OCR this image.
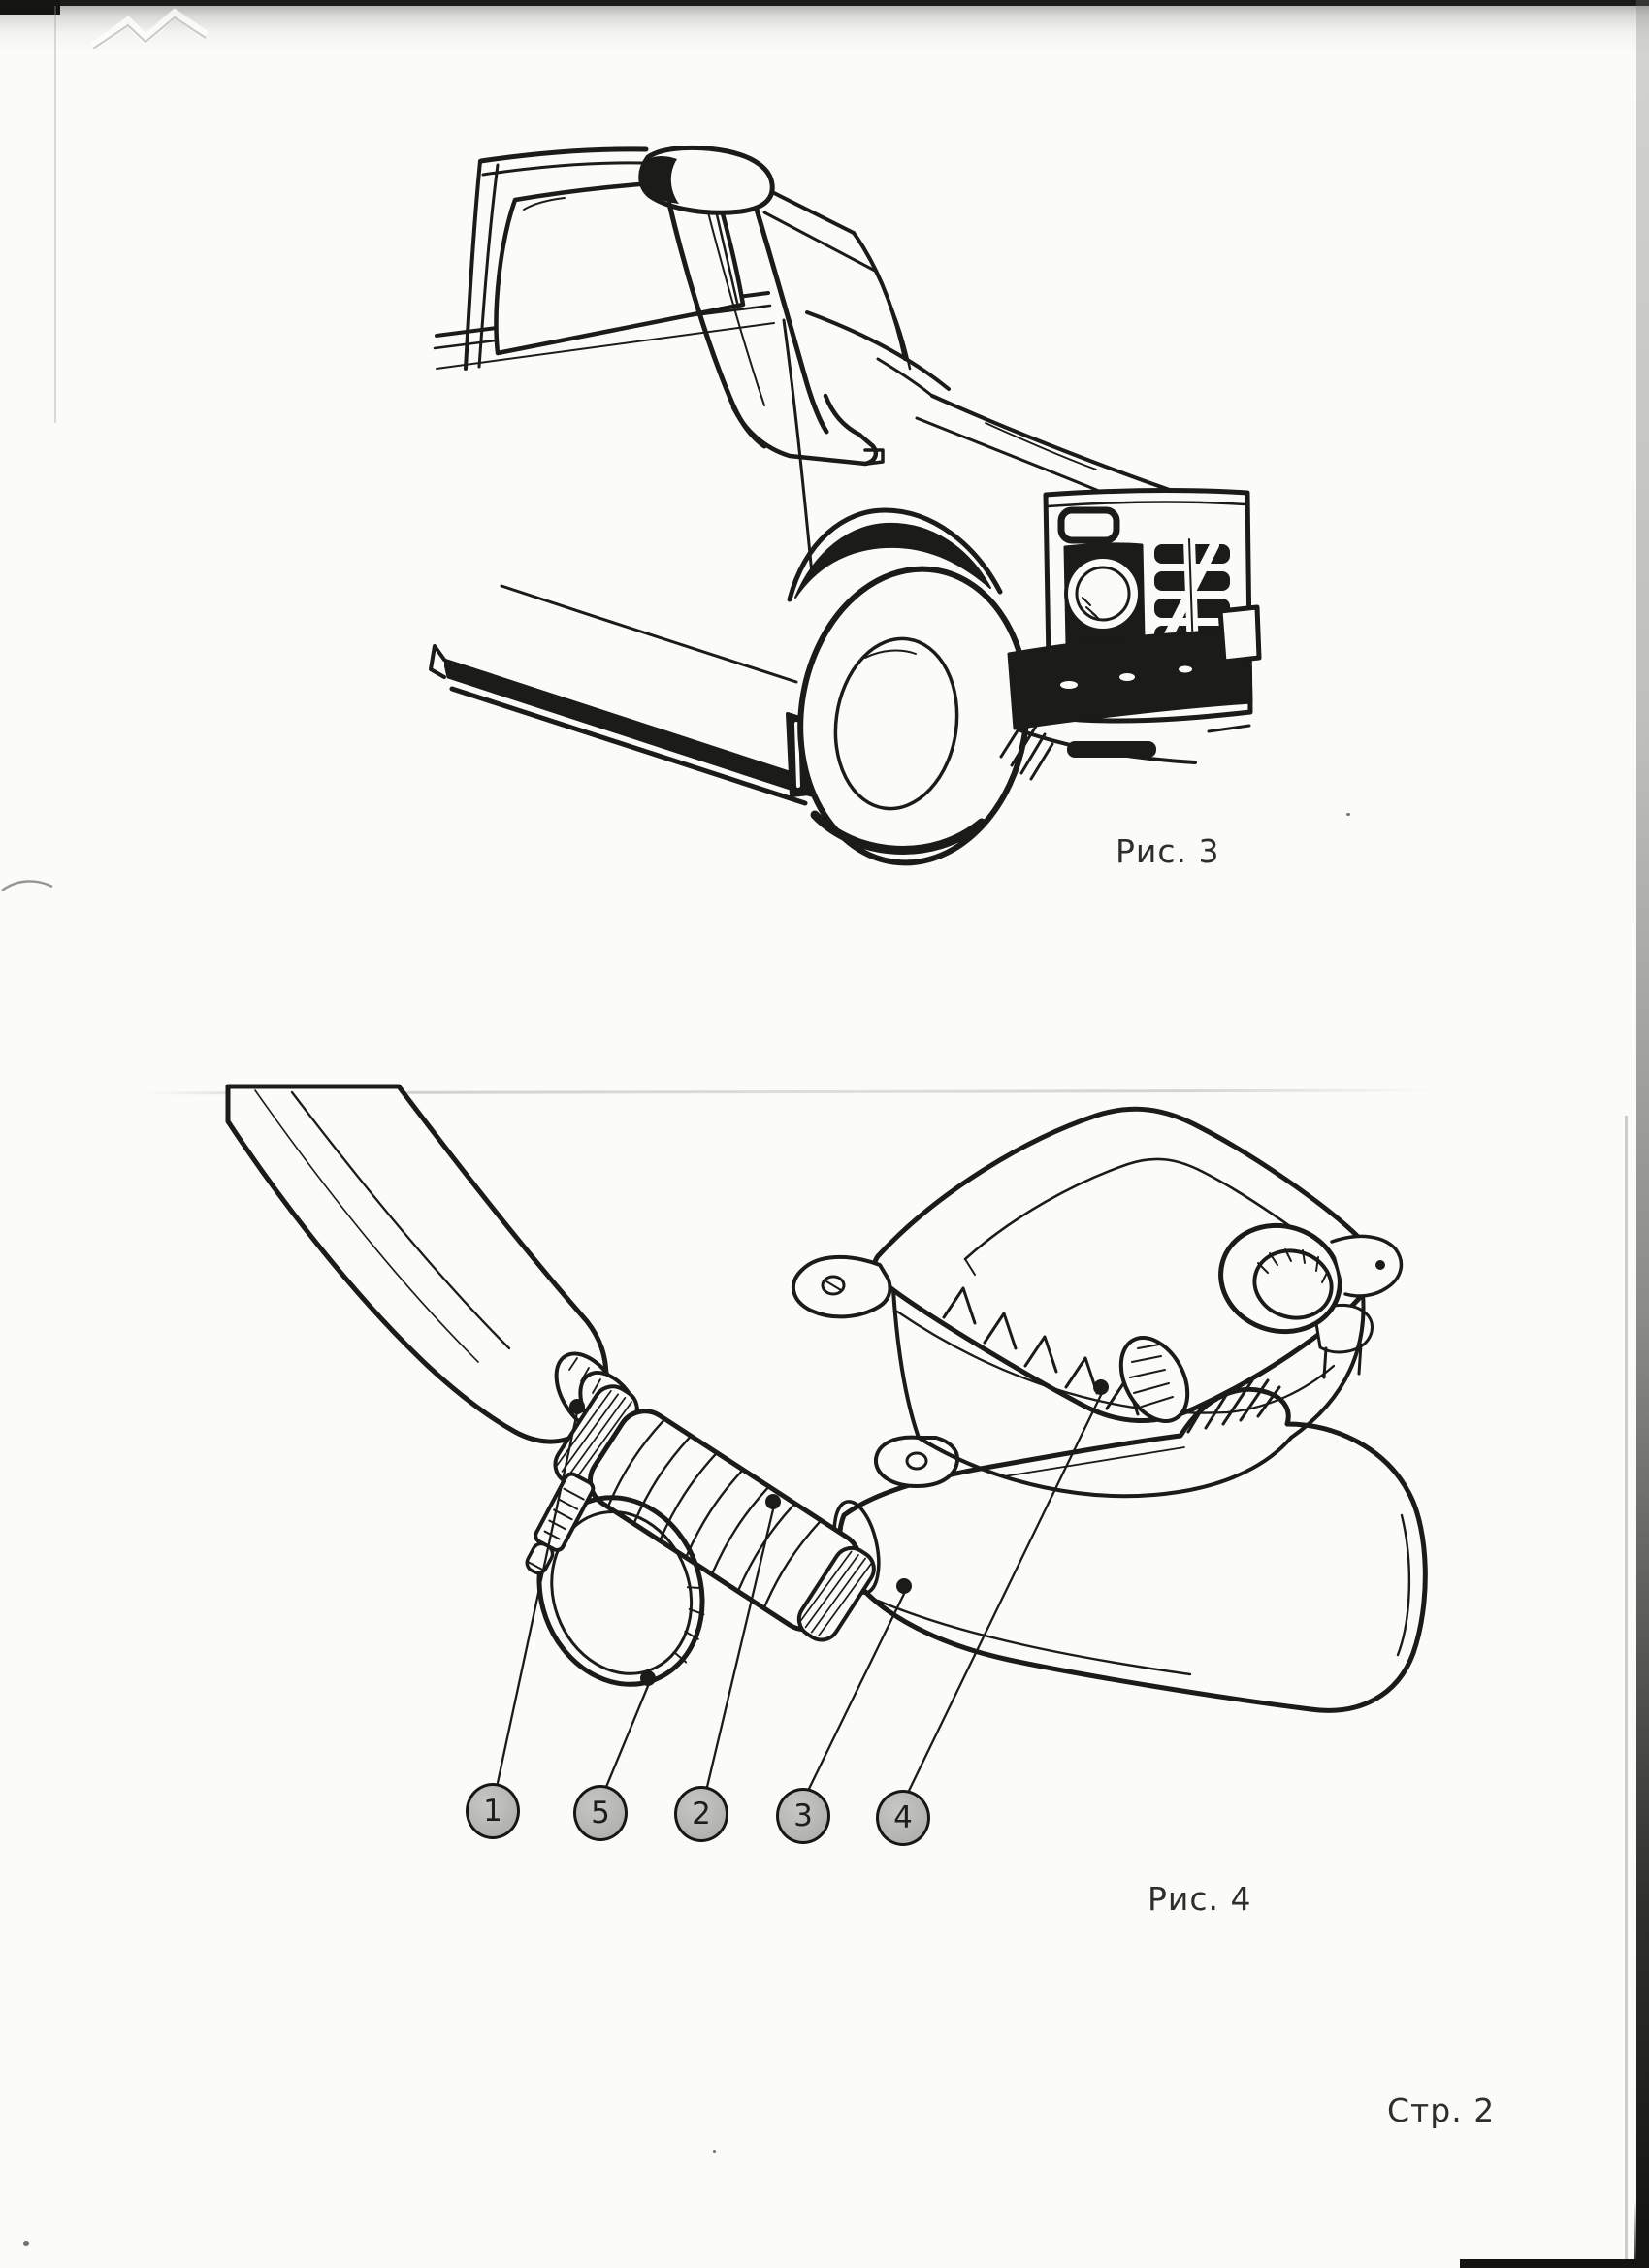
Рис. 3
1	5	2	3	4
Рис. 4
Стр. 2
